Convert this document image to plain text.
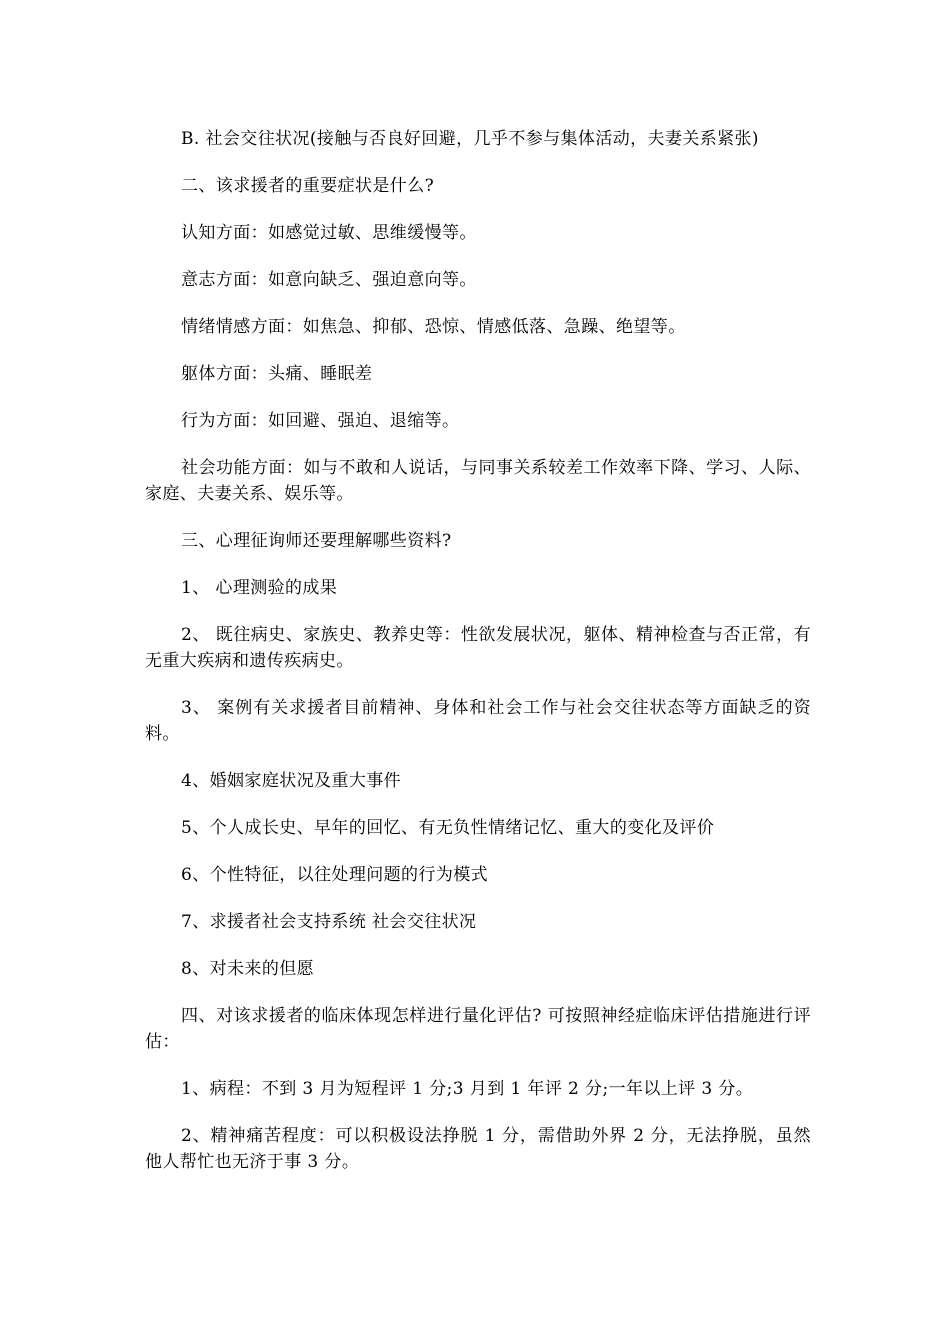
B. 社会交往状况(接触与否良好回避，几乎不参与集体活动，夫妻关系紧张)

二、该求援者的重要症状是什么?

认知方面：如感觉过敏、思维缓慢等。

意志方面：如意向缺乏、强迫意向等。

情绪情感方面：如焦急、抑郁、恐惊、情感低落、急躁、绝望等。

躯体方面：头痛、睡眠差

行为方面：如回避、强迫、退缩等。

社会功能方面：如与不敢和人说话，与同事关系较差工作效率下降、学习、人际、家庭、夫妻关系、娱乐等。

三、心理征询师还要理解哪些资料?

1、 心理测验的成果

2、 既往病史、家族史、教养史等：性欲发展状况，躯体、精神检查与否正常，有无重大疾病和遗传疾病史。

3、 案例有关求援者目前精神、身体和社会工作与社会交往状态等方面缺乏的资料。

4、婚姻家庭状况及重大事件

5、个人成长史、早年的回忆、有无负性情绪记忆、重大的变化及评价

6、个性特征，以往处理问题的行为模式

7、求援者社会支持系统 社会交往状况

8、对未来的但愿

四、对该求援者的临床体现怎样进行量化评估? 可按照神经症临床评估措施进行评估：

1、病程：不到 3 月为短程评 1 分;3 月到 1 年评 2 分;一年以上评 3 分。

2、精神痛苦程度：可以积极设法挣脱 1 分，需借助外界 2 分，无法挣脱，虽然他人帮忙也无济于事 3 分。
